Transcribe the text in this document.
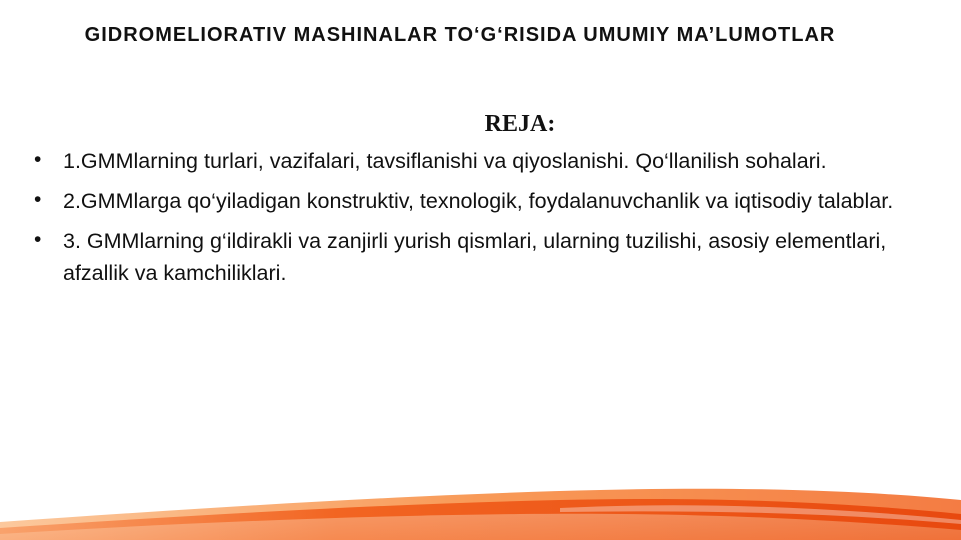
GIDROMELIORATIV MASHINALAR TO‘G‘RISIDA UMUMIY MA’LUMOTLAR
REJA:
• 1.GMMlarning turlari, vazifalari, tavsiflanishi va qiyoslanishi. Qo‘llanilish sohalari.
• 2.GMMlarga qo‘yiladigan konstruktiv, texnologik, foydalanuvchanlik va iqtisodiy talablar.
• 3. GMMlarning g‘ildirakli va zanjirli yurish qismlari, ularning tuzilishi, asosiy elementlari, afzallik va kamchiliklari.
